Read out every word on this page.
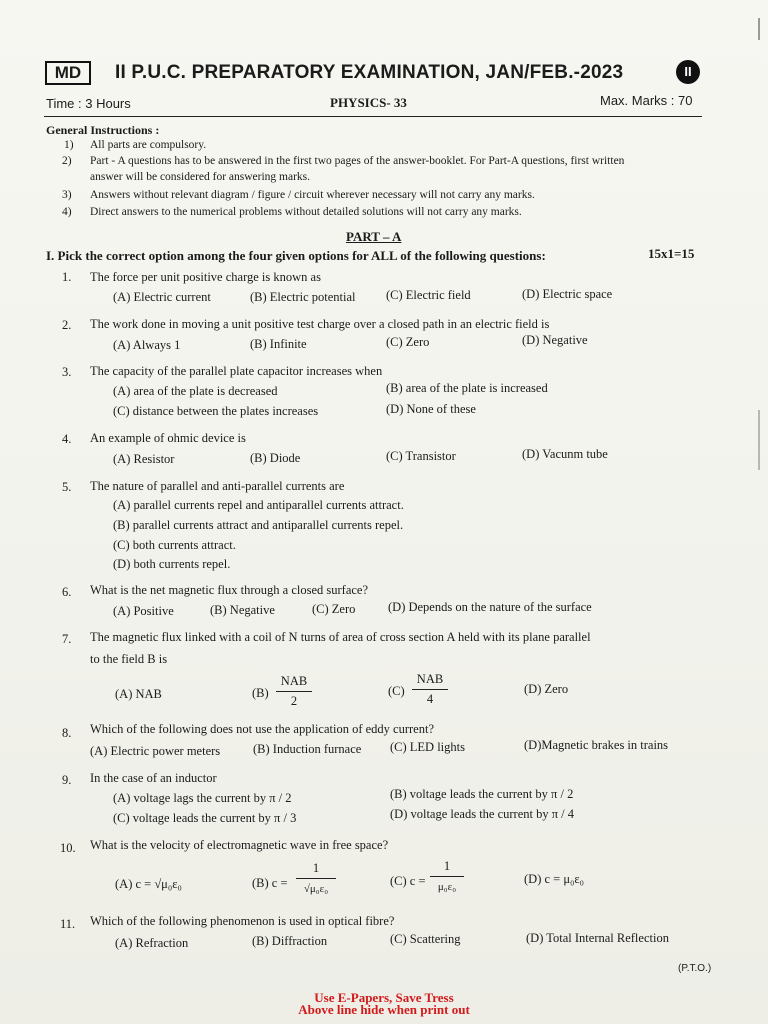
MD	II P.U.C. PREPARATORY EXAMINATION, JAN/FEB.-2023	II
Time : 3 Hours	PHYSICS- 33	Max. Marks : 70
General Instructions :
1) All parts are compulsory.
2) Part - A questions has to be answered in the first two pages of the answer-booklet. For Part-A questions, first written
answer will be considered for answering marks.
3) Answers without relevant diagram / figure / circuit wherever necessary will not carry any marks.
4) Direct answers to the numerical problems without detailed solutions will not carry any marks.
PART – A
I. Pick the correct option among the four given options for ALL of the following questions:	15x1=15
1. The force per unit positive charge is known as
(A) Electric current	(B) Electric potential (C) Electric field	(D) Electric space
2. The work done in moving a unit positive test charge over a closed path in an electric field is
(A) Always 1	(B) Infinite	(C) Zero	(D) Negative
3. The capacity of the parallel plate capacitor increases when
(A) area of the plate is decreased	(B) area of the plate is increased
(C) distance between the plates increases	(D) None of these
4. An example of ohmic device is
(A) Resistor	(B) Diode	(C) Transistor	(D) Vacunm tube
5. The nature of parallel and anti-parallel currents are
(A) parallel currents repel and antiparallel currents attract.
(B) parallel currents attract and antiparallel currents repel.
(C) both currents attract.
(D) both currents repel.
6. What is the net magnetic flux through a closed surface?
(A) Positive	(B) Negative	(C) Zero	(D) Depends on the nature of the surface
7. The magnetic flux linked with a coil of N turns of area of cross section A held with its plane parallel
to the field B is
(A) NAB	(B)
NAB
2
(C)
NAB
4
(D) Zero
8. Which of the following does not use the application of eddy current?
(A) Electric power meters	(B) Induction furnace (C) LED lights	(D)Magnetic brakes in trains
9. In the case of an inductor
(A) voltage lags the current by π / 2	(B) voltage leads the current by π / 2
(C) voltage leads the current by π / 3	(D) voltage leads the current by π / 4
10. What is the velocity of electromagnetic wave in free space?
(A) c = √μ₀ε₀	(B) c =
1
√μ₀ε₀
(C) c =
1
μ₀ε₀
(D) c = μ₀ε₀
11. Which of the following phenomenon is used in optical fibre?
(A) Refraction	(B) Diffraction	(C) Scattering	(D) Total Internal Reflection
(P.T.O.)
Use E-Papers, Save Tress
Above line hide when print out
